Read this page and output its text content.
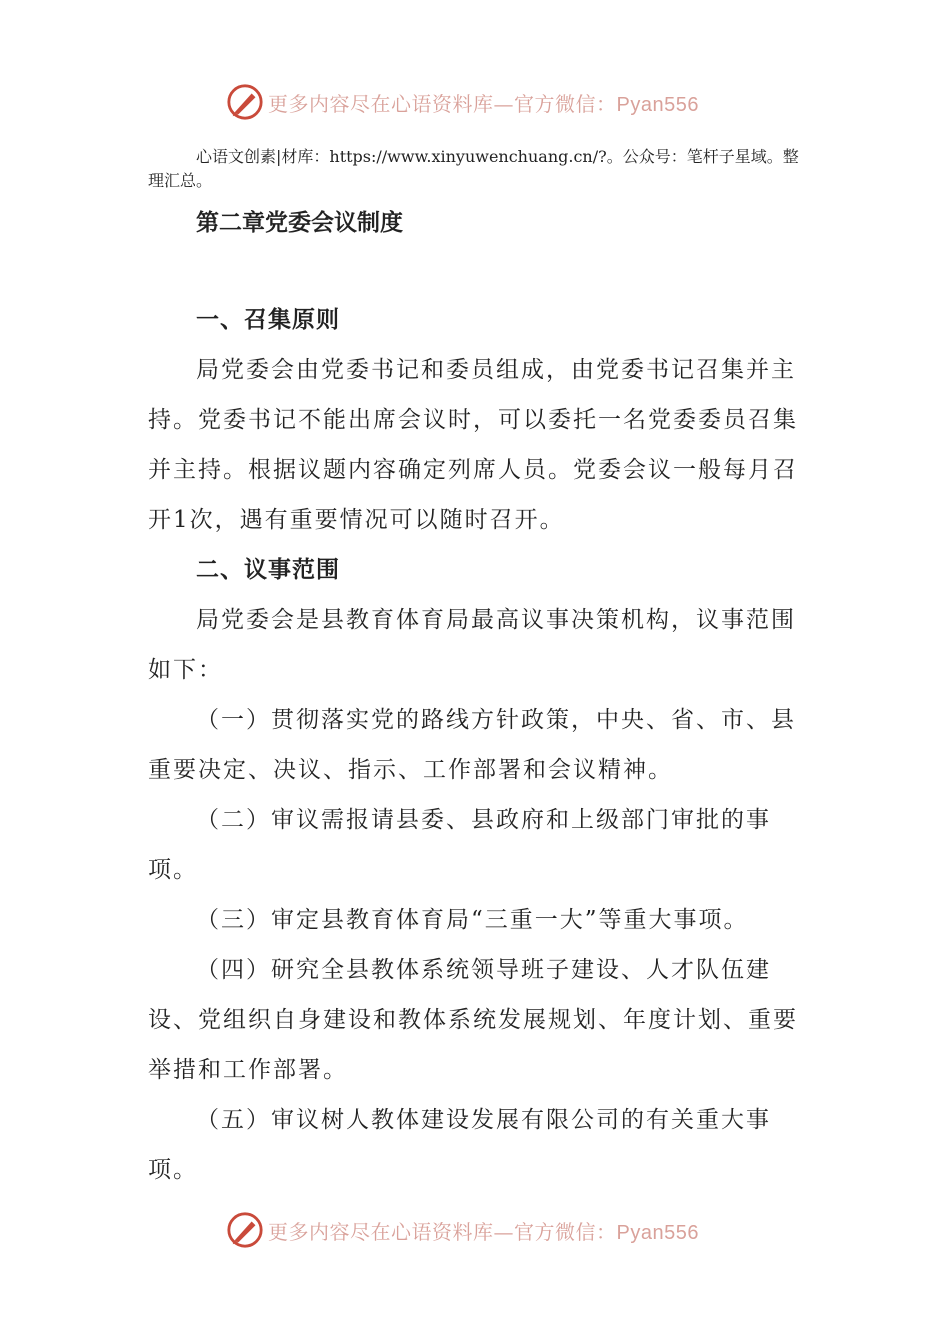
更多内容尽在心语资料库—官方微信：Pyan556
心语文创素|材库：https://www.xinyuwenchuang.cn/?。公众号：笔杆子星域。整理汇总。
第二章党委会议制度

一、召集原则

局党委会由党委书记和委员组成，由党委书记召集并主持。党委书记不能出席会议时，可以委托一名党委委员召集并主持。根据议题内容确定列席人员。党委会议一般每月召开1次，遇有重要情况可以随时召开。

二、议事范围

局党委会是县教育体育局最高议事决策机构，议事范围如下：

（一）贯彻落实党的路线方针政策，中央、省、市、县重要决定、决议、指示、工作部署和会议精神。

（二）审议需报请县委、县政府和上级部门审批的事项。

（三）审定县教育体育局“三重一大”等重大事项。

（四）研究全县教体系统领导班子建设、人才队伍建设、党组织自身建设和教体系统发展规划、年度计划、重要举措和工作部署。

（五）审议树人教体建设发展有限公司的有关重大事项。

更多内容尽在心语资料库—官方微信：Pyan556
